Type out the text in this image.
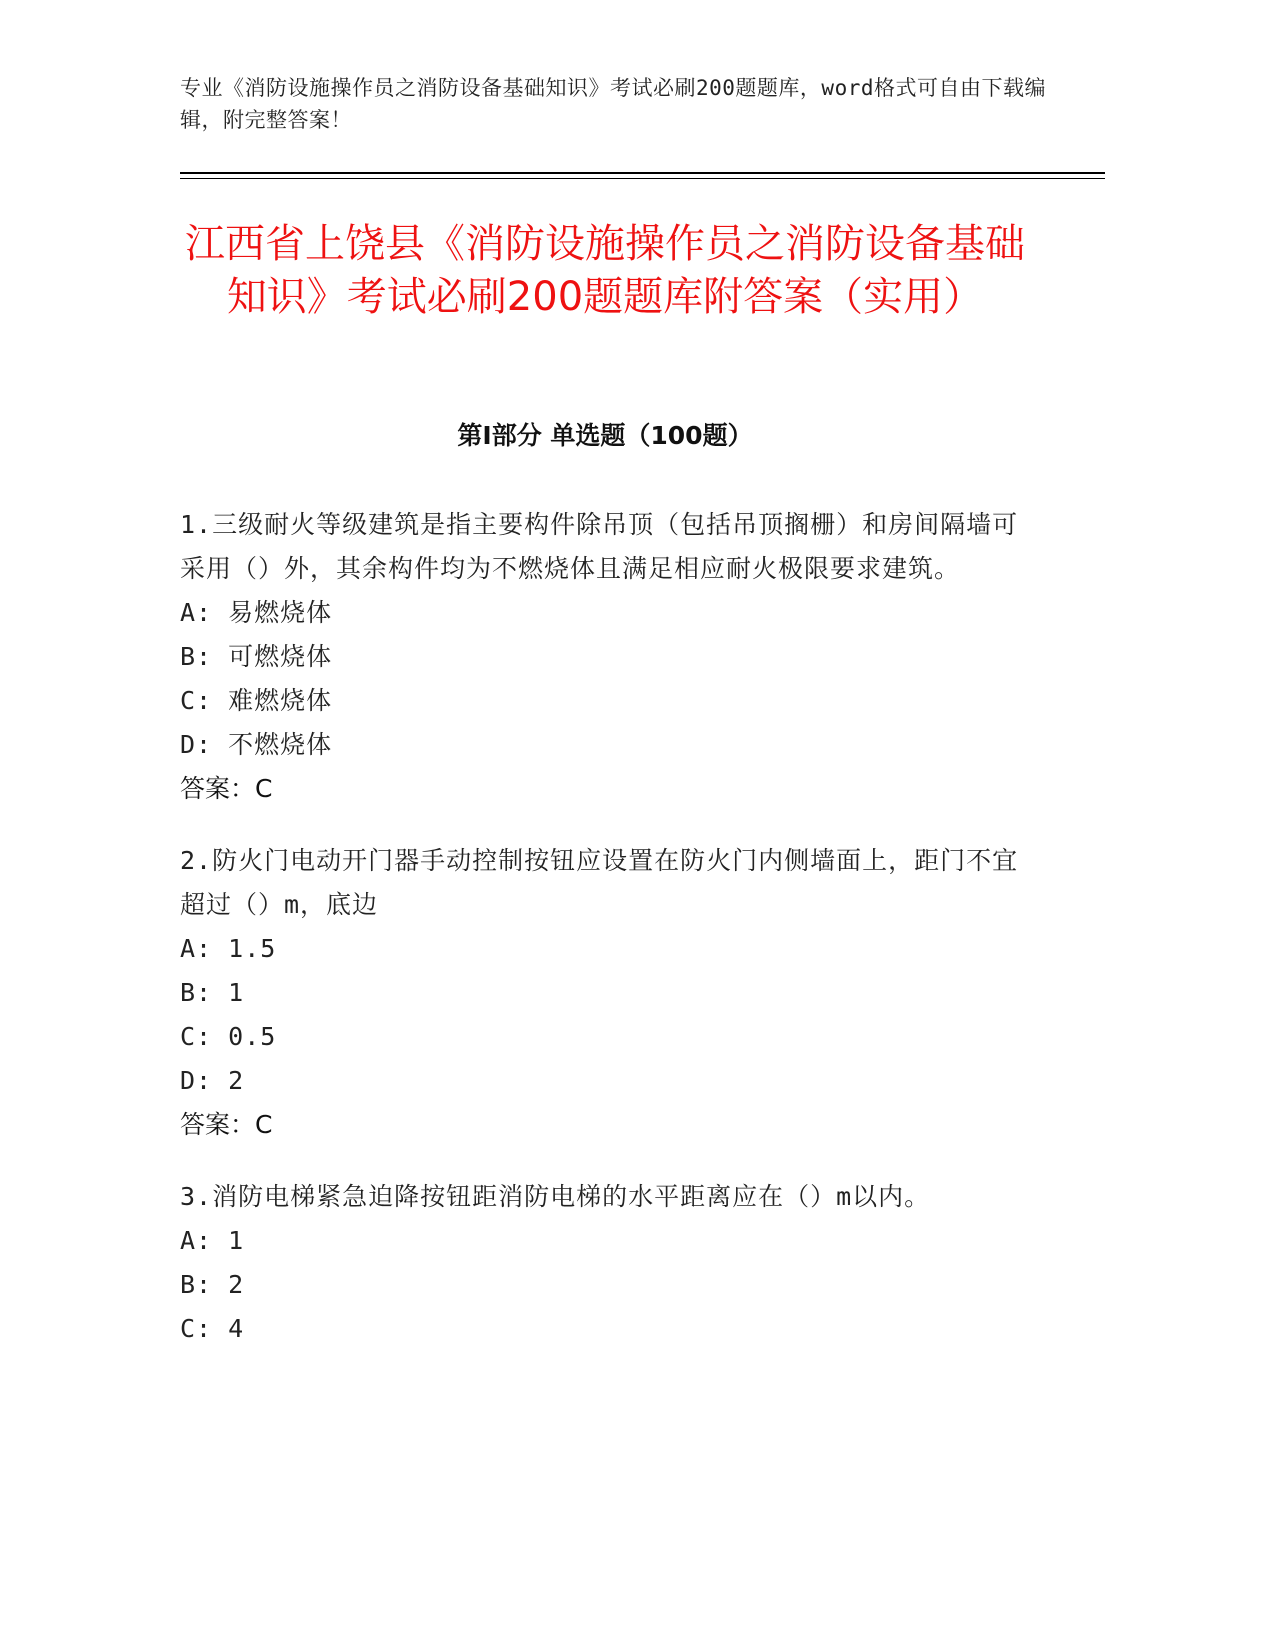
专业《消防设施操作员之消防设备基础知识》考试必刷200题题库，word格式可自由下载编辑，附完整答案！
江西省上饶县《消防设施操作员之消防设备基础知识》考试必刷200题题库附答案（实用）
第I部分 单选题（100题）

1.三级耐火等级建筑是指主要构件除吊顶（包括吊顶搁栅）和房间隔墙可采用（）外，其余构件均为不燃烧体且满足相应耐火极限要求建筑。

A: 易燃烧体

B: 可燃烧体

C: 难燃烧体

D: 不燃烧体

答案：C

2.防火门电动开门器手动控制按钮应设置在防火门内侧墙面上，距门不宜超过（）m，底边

A: 1.5

B: 1

C: 0.5

D: 2

答案：C

3.消防电梯紧急迫降按钮距消防电梯的水平距离应在（）m以内。

A: 1

B: 2

C: 4
